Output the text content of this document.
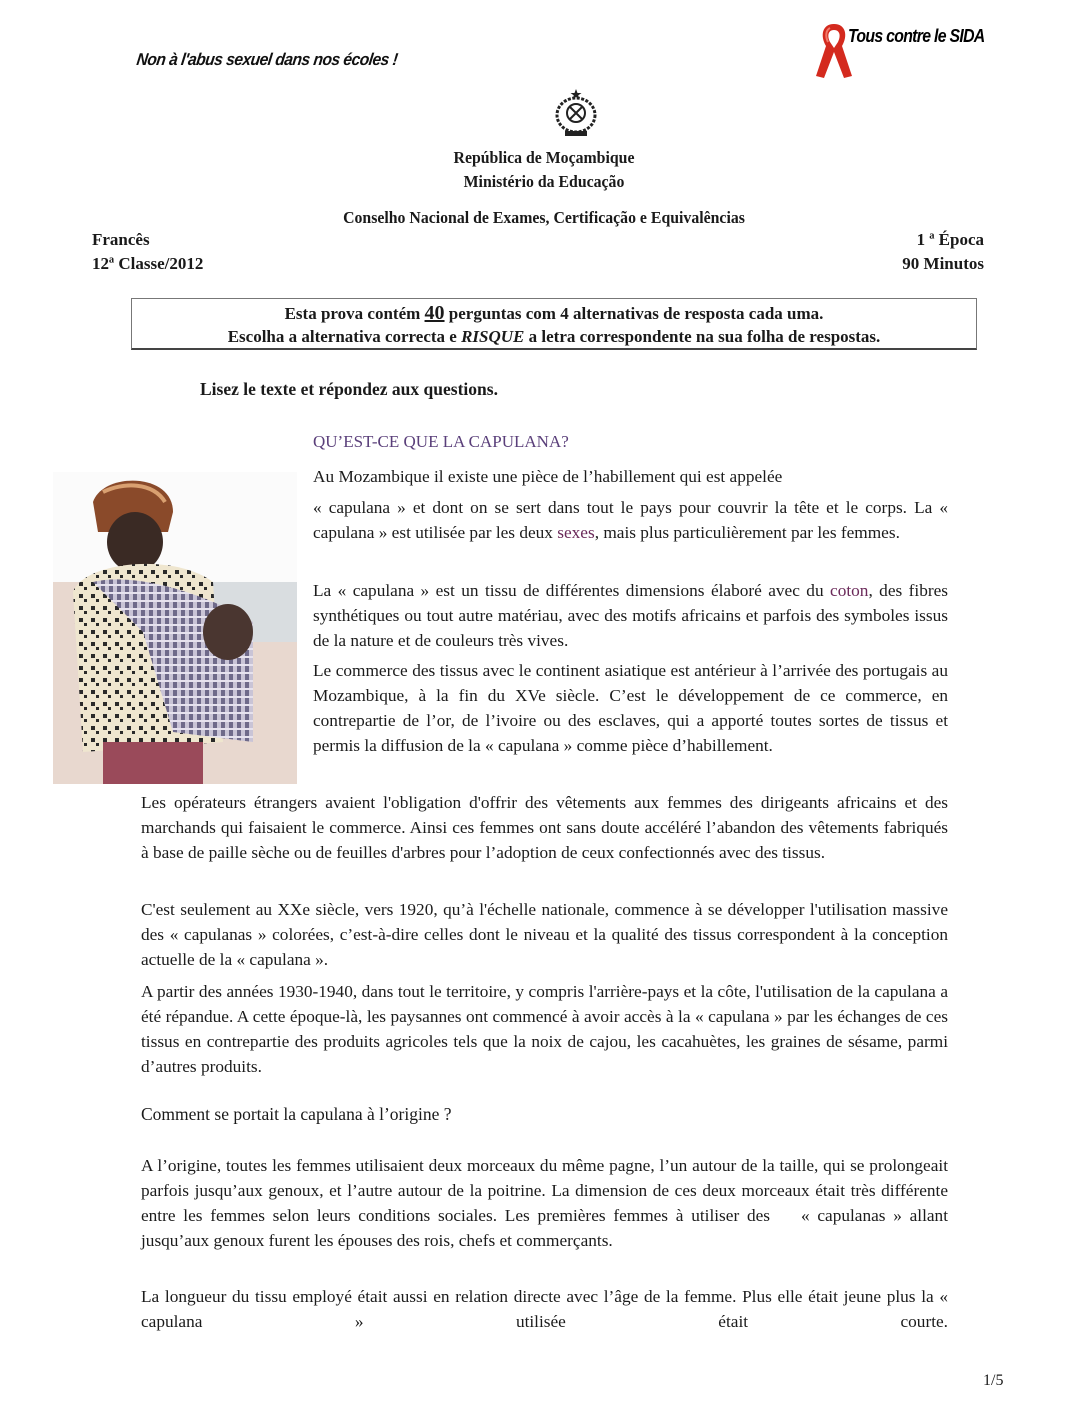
Non à l'abus sexuel dans nos écoles !
Tous contre le SIDA
República de Moçambique
Ministério da Educação
Conselho Nacional de Exames, Certificação e Equivalências
Francês
12ª Classe/2012
1 ª Época
90 Minutos
Esta prova contém 40 perguntas com 4 alternativas de resposta cada uma.
Escolha a alternativa correcta e RISQUE a letra correspondente na sua folha de respostas.
Lisez le texte et répondez aux questions.
QU’EST-CE QUE LA CAPULANA?
Au Mozambique il existe une pièce de l’habillement qui est appelée
« capulana » et dont on se sert dans tout le pays pour couvrir la tête et le corps. La « capulana » est utilisée par les deux sexes, mais plus particulièrement par les femmes.
La « capulana » est un tissu de différentes dimensions élaboré avec du coton, des fibres synthétiques ou tout autre matériau, avec des motifs africains et parfois des symboles issus de la nature et de couleurs très vives.
Le commerce des tissus avec le continent asiatique est antérieur à l’arrivée des portugais au Mozambique, à la fin du XVe siècle. C’est le développement de ce commerce, en contrepartie de l’or, de l’ivoire ou des esclaves, qui a apporté toutes sortes de tissus et permis la diffusion de la « capulana » comme pièce d’habillement.
Les opérateurs étrangers avaient l'obligation d'offrir des vêtements aux femmes des dirigeants africains et des marchands qui faisaient le commerce. Ainsi ces femmes ont sans doute accéléré l’abandon des vêtements fabriqués à base de paille sèche ou de feuilles d'arbres pour l’adoption de ceux confectionnés avec des tissus.
C'est seulement au XXe siècle, vers 1920, qu’à l'échelle nationale, commence à se développer l'utilisation massive des « capulanas » colorées, c’est-à-dire celles dont le niveau et la qualité des tissus correspondent à la conception actuelle de la « capulana ».
A partir des années 1930-1940, dans tout le territoire, y compris l'arrière-pays et la côte, l'utilisation de la capulana a été répandue. A cette époque-là, les paysannes ont commencé à avoir accès à la « capulana » par les échanges de ces tissus en contrepartie des produits agricoles tels que la noix de cajou, les cacahuètes, les graines de sésame, parmi d’autres produits.
Comment se portait la capulana à l’origine ?
A l’origine, toutes les femmes utilisaient deux morceaux du même pagne, l’un autour de la taille, qui se prolongeait parfois jusqu’aux genoux, et l’autre autour de la poitrine. La dimension de ces deux morceaux était très différente entre les femmes selon leurs conditions sociales. Les premières femmes à utiliser des    « capulanas » allant jusqu’aux genoux furent les épouses des rois, chefs et commerçants.
La longueur du tissu employé était aussi en relation directe avec l’âge de la femme. Plus elle était jeune plus la « capulana » utilisée était courte.
1/5
